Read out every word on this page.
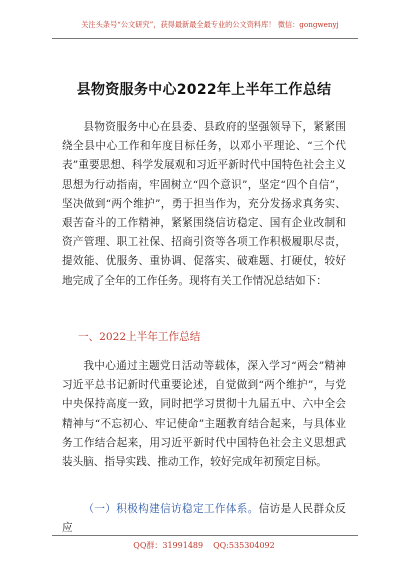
关注头条号“公文研究”，获得最新最全最专业的公文资料库！ 微信：gongwenyj
县物资服务中心2022年上半年工作总结

县物资服务中心在县委、县政府的坚强领导下，紧紧围绕全县中心工作和年度目标任务，以邓小平理论、“三个代表”重要思想、科学发展观和习近平新时代中国特色社会主义思想为行动指南，牢固树立“四个意识”，坚定“四个自信”，坚决做到“两个维护”，勇于担当作为，充分发扬求真务实、艰苦奋斗的工作精神，紧紧围绕信访稳定、国有企业改制和资产管理、职工社保、招商引资等各项工作积极履职尽责，提效能、优服务、重协调、促落实、破难题、打硬仗，较好地完成了全年的工作任务。现将有关工作情况总结如下：

一、2022上半年工作总结

我中心通过主题党日活动等载体，深入学习“两会”精神习近平总书记新时代重要论述，自觉做到“两个维护”，与党中央保持高度一致，同时把学习贯彻十九届五中、六中全会精神与“不忘初心、牢记使命”主题教育结合起来，与具体业务工作结合起来，用习近平新时代中国特色社会主义思想武装头脑、指导实践、推动工作，较好完成年初预定目标。

（一）积极构建信访稳定工作体系。信访是人民群众反应

QQ群：31991489 QQ:535304092
